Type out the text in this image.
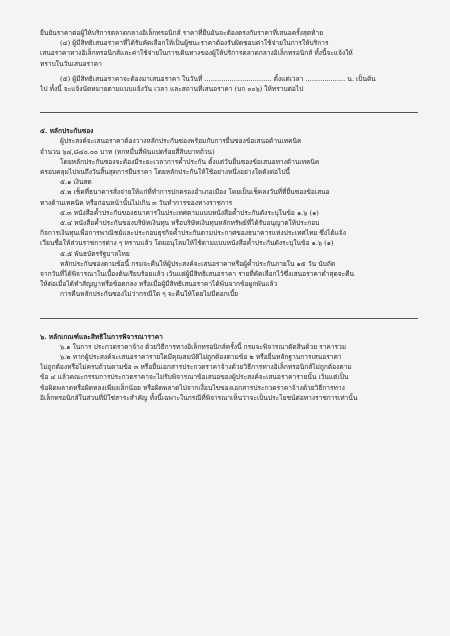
ยืนยันราคาต่อผู้ให้บริการตลาดกลางอิเล็กทรอนิกส์ ราคาที่ยืนยันจะต้องตรงกับราคาที่เสนอครั้งสุดท้าย
(๔) ผู้มีสิทธิเสนอราคาที่ได้รับคัดเลือกให้เป็นผู้ชนะราคาต้องรับผิดชอบค่าใช้จ่ายในการให้บริการ
เสนอราคาทางอิเล็กทรอนิกส์และค่าใช้จ่ายในการเดินทางของผู้ให้บริการตลาดกลางอิเล็กทรอนิกส์ ทั้งนี้จะแจ้งให้
ทราบในวันเสนอราคา
(๕) ผู้มีสิทธิเสนอราคาจะต้องมาเสนอราคา ในวันที่ ................................ ตั้งแต่เวลา ................... น. เป็นต้น
ไป ทั้งนี้ จะแจ้งนัดหมายตามแบบแจ้งวัน เวลา และสถานที่เสนอราคา (บก ๐๐๖) ให้ทราบต่อไป
๕. หลักประกันซอง
ผู้ประสงค์จะเสนอราคาต้องวางหลักประกันซองพร้อมกับการยื่นซองข้อเสนอด้านเทคนิค
จำนวน ๖๔,๘๔๐.๐๐ บาท (หกหมื่นสี่พันแปดร้อยสี่สิบบาทถ้วน)
โดยหลักประกันซองจะต้องมีระยะเวลาการค้ำประกัน ตั้งแต่วันยื่นซองข้อเสนอทางด้านเทคนิค
ครอบคลุมไปจนถึงวันสิ้นสุดการยืนราคา โดยหลักประกันให้ใช้อย่างหนึ่งอย่างใดดังต่อไปนี้
๕.๑ เงินสด
๕.๒ เช็คที่ธนาคารสั่งจ่ายให้แก่ที่ทำการปกครองอำเภอเมือง โดยเป็นเช็คลงวันที่ที่ยื่นซองข้อเสนอ
ทางด้านเทคนิค หรือก่อนหน้านั้นไม่เกิน ๓ วันทำการของทางราชการ
๕.๓ หนังสือค้ำประกันของธนาคารในประเทศตามแบบหนังสือค้ำประกันดังระบุในข้อ ๑.๖ (๑)
๕.๔ หนังสือค้ำประกันของบริษัทเงินทุน หรือบริษัทเงินทุนหลักทรัพย์ที่ได้รับอนุญาตให้ประกอบ
กิจการเงินทุนเพื่อการพาณิชย์และประกอบธุรกิจค้ำประกันตามประกาศของธนาคารแห่งประเทศไทย ซึ่งได้แจ้ง
เวียนชื่อให้ส่วนราชการต่าง ๆ ทราบแล้ว โดยอนุโลมให้ใช้ตามแบบหนังสือค้ำประกันดังระบุในข้อ ๑.๖ (๑)
๕.๕ พันธบัตรรัฐบาลไทย
หลักประกันซองตามข้อนี้ กรมจะคืนให้ผู้ประสงค์จะเสนอราคาหรือผู้ค้ำประกันภายใน ๑๕ วัน นับถัด
จากวันที่ได้พิจารณาในเบื้องต้นเรียบร้อยแล้ว เว้นแต่ผู้มีสิทธิเสนอราคา รายที่คัดเลือกไว้ซึ่งเสนอราคาต่ำสุดจะคืน
ให้ต่อเมื่อได้ทำสัญญาหรือข้อตกลง หรือเมื่อผู้มีสิทธิเสนอราคาได้พ้นจากข้อผูกพันแล้ว
การคืนหลักประกันซองไม่ว่ากรณีใด ๆ จะคืนให้โดยไม่มีดอกเบี้ย
๖. หลักเกณฑ์และสิทธิในการพิจารณาราคา
๖.๑ ในการ ประกวดราคาจ้าง ด้วยวิธีการทางอิเล็กทรอนิกส์ครั้งนี้ กรมจะพิจารณาตัดสินด้วย ราคารวม
๖.๒ หากผู้ประสงค์จะเสนอราคารายใดมีคุณสมบัติไม่ถูกต้องตามข้อ ๒ หรือยื่นหลักฐานการเสนอราคา
ไม่ถูกต้องหรือไม่ครบถ้วนตามข้อ ๓ หรือยื่นเอกสารประกวดราคาจ้างด้วยวิธีการทางอิเล็กทรอนิกส์ไม่ถูกต้องตาม
ข้อ ๔ แล้วคณะกรรมการประกวดราคาจะไม่รับพิจารณาข้อเสนอของผู้ประสงค์จะเสนอราคารายนั้น เว้นแต่เป็น
ข้อผิดพลาดหรือผิดหลงเพียงเล็กน้อย หรือผิดพลาดไปจากเงื่อนไขของเอกสารประกวดราคาจ้างด้วยวิธีการทาง
อิเล็กทรอนิกส์ในส่วนที่มิใช่สาระสำคัญ ทั้งนี้เฉพาะในกรณีที่พิจารณาเห็นว่าจะเป็นประโยชน์ต่อทางราชการเท่านั้น
